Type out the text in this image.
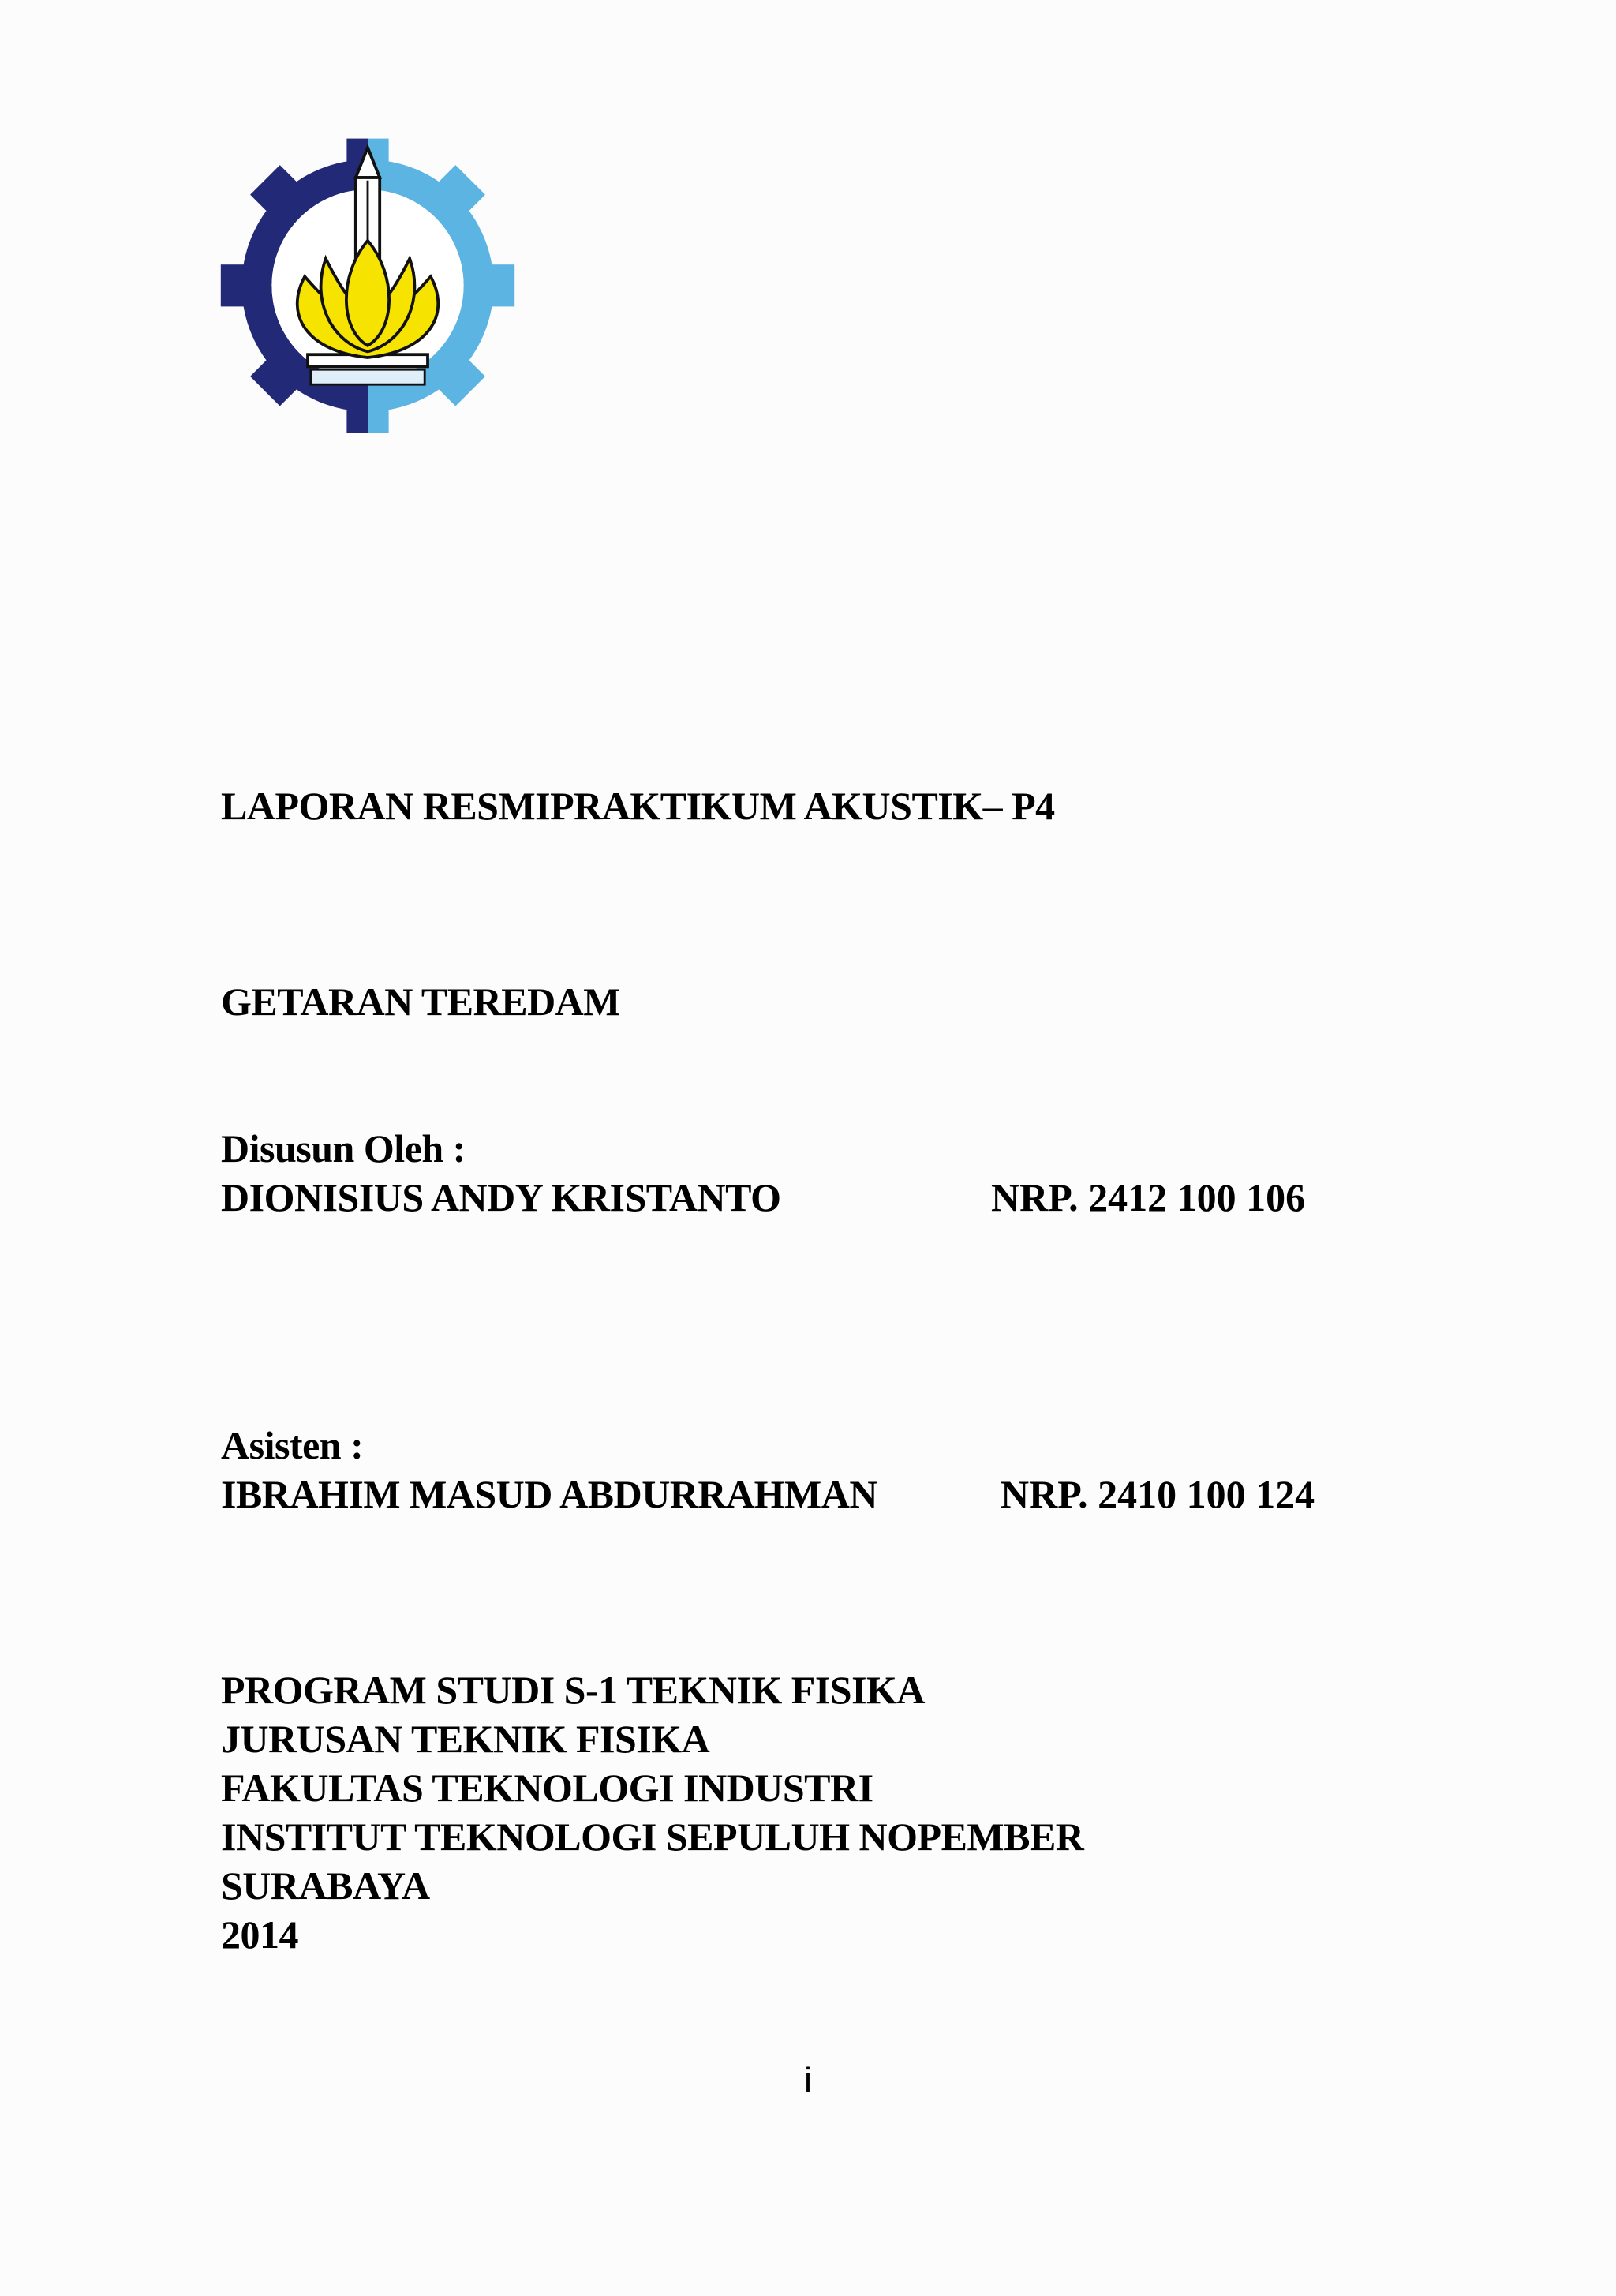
LAPORAN RESMIPRAKTIKUM AKUSTIK– P4
GETARAN TEREDAM
Disusun Oleh :
DIONISIUS ANDY KRISTANTO	NRP. 2412 100 106
Asisten :
IBRAHIM MASUD ABDURRAHMAN	NRP. 2410 100 124
PROGRAM STUDI S-1 TEKNIK FISIKA
JURUSAN TEKNIK FISIKA
FAKULTAS TEKNOLOGI INDUSTRI
INSTITUT TEKNOLOGI SEPULUH NOPEMBER
SURABAYA
2014
i
